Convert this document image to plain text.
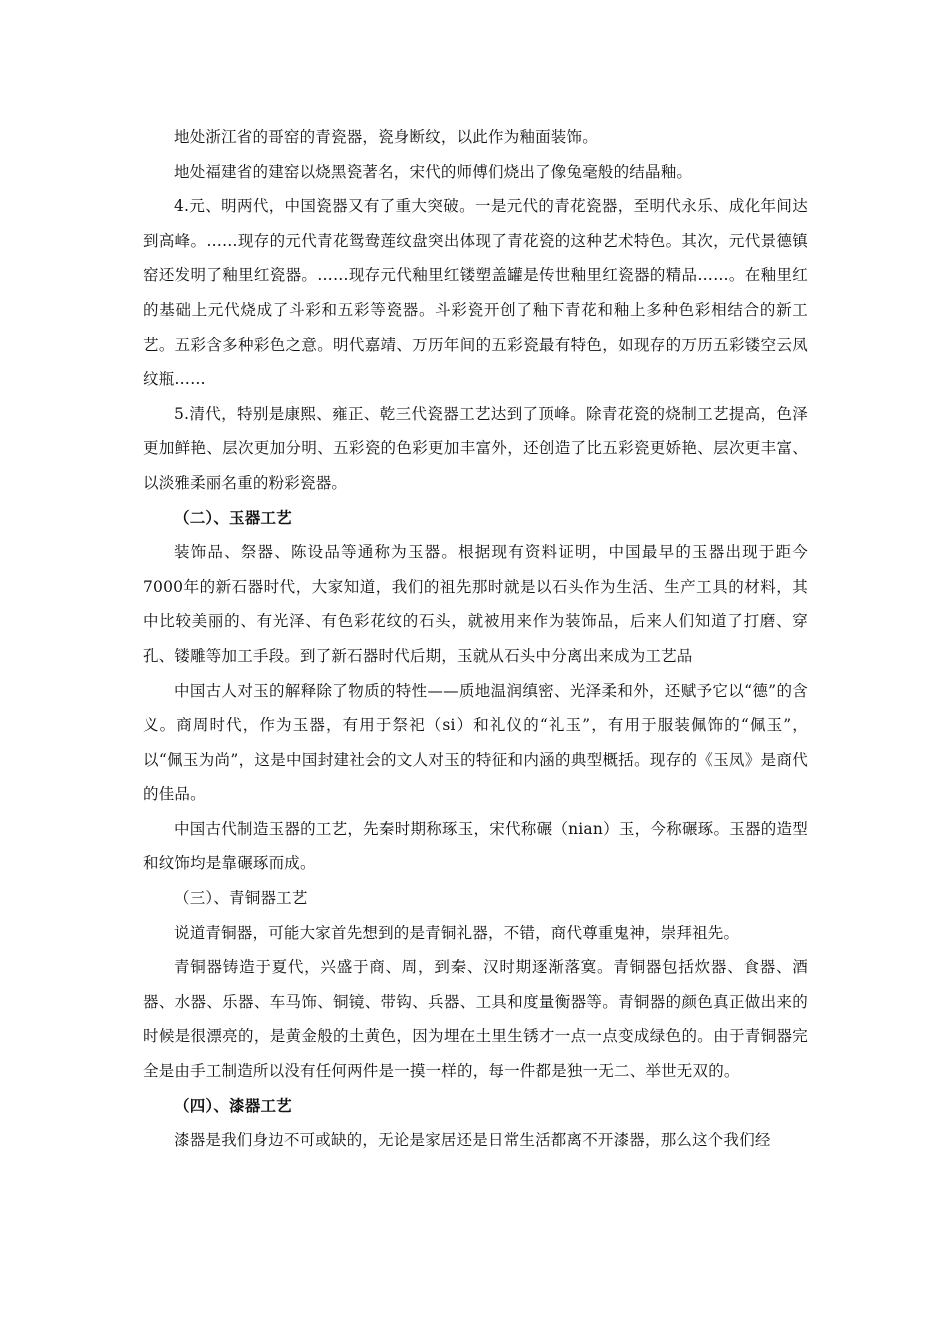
地处浙江省的哥窑的青瓷器，瓷身断纹，以此作为釉面装饰。

地处福建省的建窑以烧黑瓷著名，宋代的师傅们烧出了像兔毫般的结晶釉。

4.元、明两代，中国瓷器又有了重大突破。一是元代的青花瓷器，至明代永乐、成化年间达到高峰。……现存的元代青花鸳鸯莲纹盘突出体现了青花瓷的这种艺术特色。其次，元代景德镇窑还发明了釉里红瓷器。……现存元代釉里红镂塑盖罐是传世釉里红瓷器的精品……。在釉里红的基础上元代烧成了斗彩和五彩等瓷器。斗彩瓷开创了釉下青花和釉上多种色彩相结合的新工艺。五彩含多种彩色之意。明代嘉靖、万历年间的五彩瓷最有特色，如现存的万历五彩镂空云凤纹瓶……

5.清代，特别是康熙、雍正、乾三代瓷器工艺达到了顶峰。除青花瓷的烧制工艺提高，色泽更加鲜艳、层次更加分明、五彩瓷的色彩更加丰富外，还创造了比五彩瓷更娇艳、层次更丰富、以淡雅柔丽名重的粉彩瓷器。

（二）、玉器工艺

装饰品、祭器、陈设品等通称为玉器。根据现有资料证明，中国最早的玉器出现于距今7000年的新石器时代，大家知道，我们的祖先那时就是以石头作为生活、生产工具的材料，其中比较美丽的、有光泽、有色彩花纹的石头，就被用来作为装饰品，后来人们知道了打磨、穿孔、镂雕等加工手段。到了新石器时代后期，玉就从石头中分离出来成为工艺品

中国古人对玉的解释除了物质的特性——质地温润缜密、光泽柔和外，还赋予它以“德”的含义。商周时代，作为玉器，有用于祭祀（si）和礼仪的“礼玉”，有用于服装佩饰的“佩玉”，以“佩玉为尚”，这是中国封建社会的文人对玉的特征和内涵的典型概括。现存的《玉凤》是商代的佳品。

中国古代制造玉器的工艺，先秦时期称琢玉，宋代称碾（nian）玉，今称碾琢。玉器的造型和纹饰均是靠碾琢而成。

（三）、青铜器工艺

说道青铜器，可能大家首先想到的是青铜礼器，不错，商代尊重鬼神，崇拜祖先。

青铜器铸造于夏代，兴盛于商、周，到秦、汉时期逐渐落寞。青铜器包括炊器、食器、酒器、水器、乐器、车马饰、铜镜、带钩、兵器、工具和度量衡器等。青铜器的颜色真正做出来的时候是很漂亮的，是黄金般的土黄色，因为埋在土里生锈才一点一点变成绿色的。由于青铜器完全是由手工制造所以没有任何两件是一摸一样的，每一件都是独一无二、举世无双的。

（四）、漆器工艺

漆器是我们身边不可或缺的，无论是家居还是日常生活都离不开漆器，那么这个我们经
